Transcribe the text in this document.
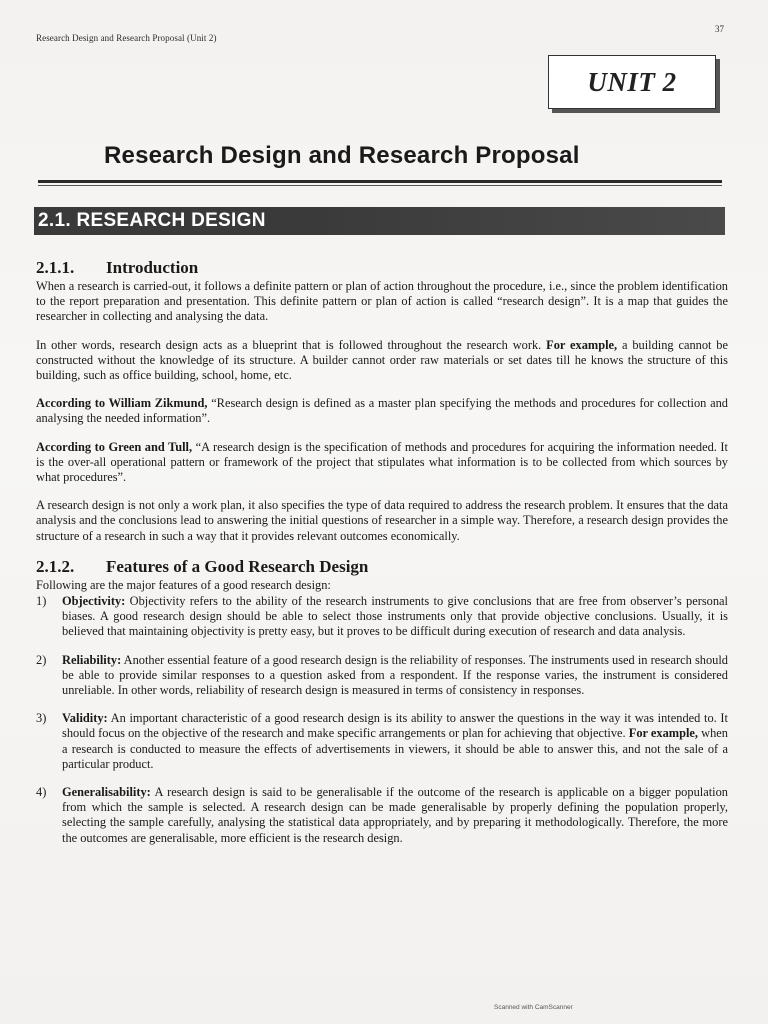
Research Design and Research Proposal (Unit 2)
37
UNIT 2
Research Design and Research Proposal
2.1. RESEARCH DESIGN
2.1.1. Introduction

When a research is carried-out, it follows a definite pattern or plan of action throughout the procedure, i.e., since the problem identification to the report preparation and presentation. This definite pattern or plan of action is called “research design”. It is a map that guides the researcher in collecting and analysing the data.

In other words, research design acts as a blueprint that is followed throughout the research work. For example, a building cannot be constructed without the knowledge of its structure. A builder cannot order raw materials or set dates till he knows the structure of this building, such as office building, school, home, etc.

According to William Zikmund, “Research design is defined as a master plan specifying the methods and procedures for collection and analysing the needed information”.

According to Green and Tull, “A research design is the specification of methods and procedures for acquiring the information needed. It is the over-all operational pattern or framework of the project that stipulates what information is to be collected from which sources by what procedures”.

A research design is not only a work plan, it also specifies the type of data required to address the research problem. It ensures that the data analysis and the conclusions lead to answering the initial questions of researcher in a simple way. Therefore, a research design provides the structure of a research in such a way that it provides relevant outcomes economically.

2.1.2. Features of a Good Research Design
Following are the major features of a good research design:
1)	Objectivity: Objectivity refers to the ability of the research instruments to give conclusions that are free from observer’s personal biases. A good research design should be able to select those instruments only that provide objective conclusions. Usually, it is believed that maintaining objectivity is pretty easy, but it proves to be difficult during execution of research and data analysis.
2)	Reliability: Another essential feature of a good research design is the reliability of responses. The instruments used in research should be able to provide similar responses to a question asked from a respondent. If the response varies, the instrument is considered unreliable. In other words, reliability of research design is measured in terms of consistency in responses.
3)	Validity: An important characteristic of a good research design is its ability to answer the questions in the way it was intended to. It should focus on the objective of the research and make specific arrangements or plan for achieving that objective. For example, when a research is conducted to measure the effects of advertisements in viewers, it should be able to answer this, and not the sale of a particular product.
4)	Generalisability: A research design is said to be generalisable if the outcome of the research is applicable on a bigger population from which the sample is selected. A research design can be made generalisable by properly defining the population properly, selecting the sample carefully, analysing the statistical data appropriately, and by preparing it methodologically. Therefore, the more the outcomes are generalisable, more efficient is the research design.
Scanned with CamScanner
